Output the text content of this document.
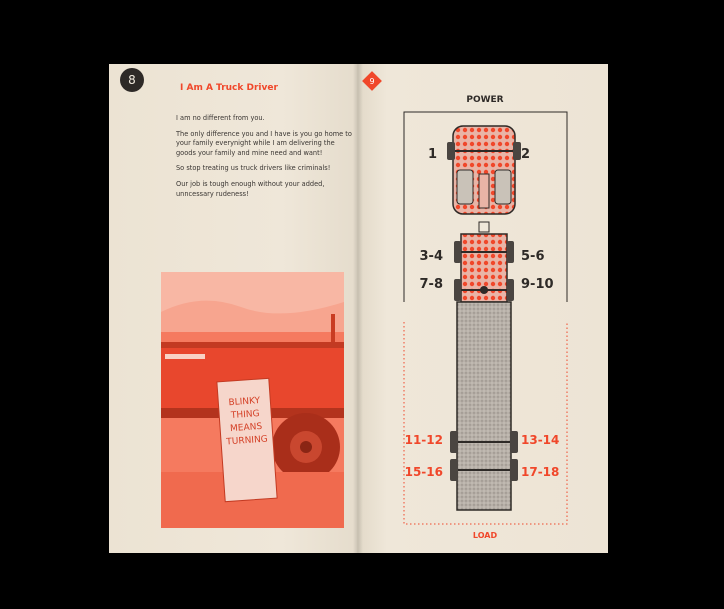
8
I Am A Truck Driver

I am no different from you.

The only difference you and I have is you go home to your family everynight while I am delivering the goods your family and mine need and want!

So stop treating us truck drivers like criminals!

Our job is tough enough without your added, unncessary rudeness!

BLINKY
THING
MEANS
TURNING
9
POWER
LOAD
1	2
3-4	5-6
7-8	9-10
11-12	13-14
15-16	17-18
